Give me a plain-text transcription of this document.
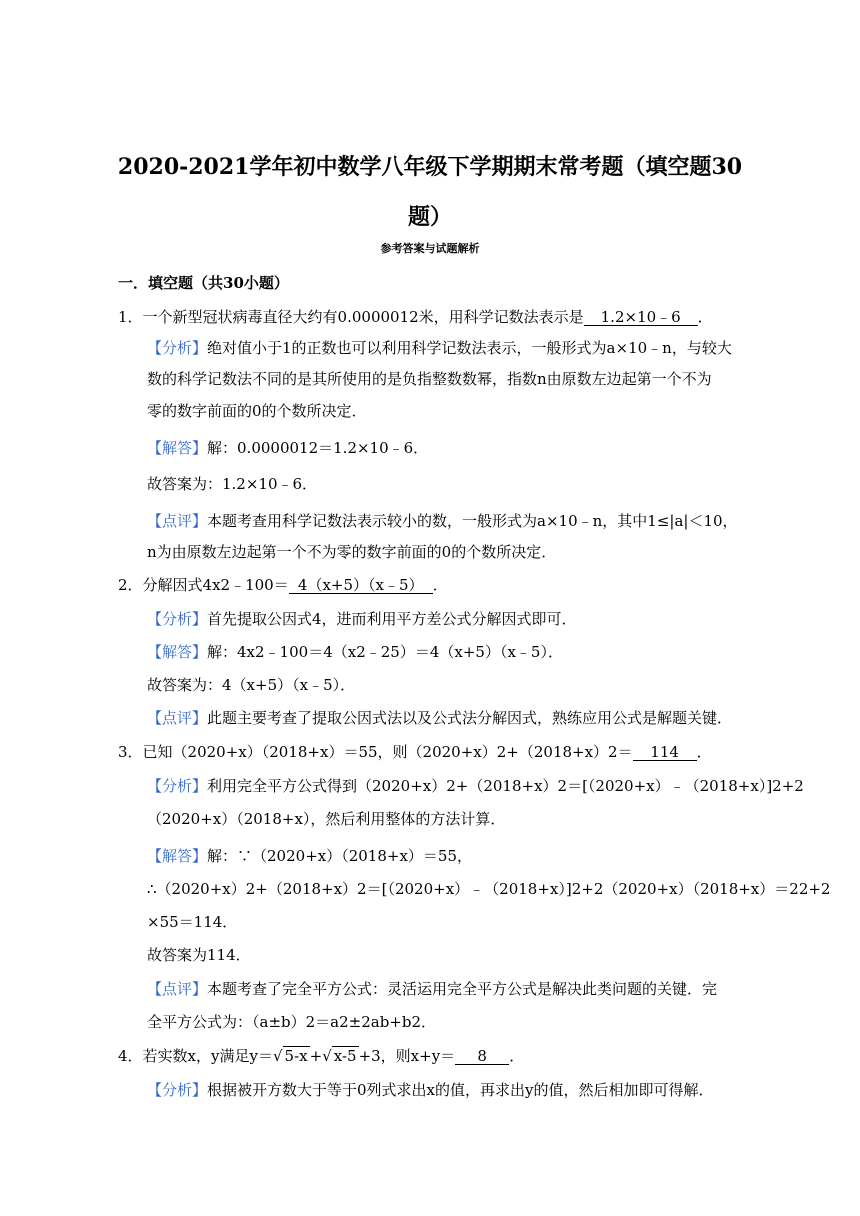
2020-2021学年初中数学八年级下学期期末常考题（填空题30题）
参考答案与试题解析
一．填空题（共30小题）
1．一个新型冠状病毒直径大约有0.0000012米，用科学记数法表示是 1.2×10﹣6 ．
【分析】绝对值小于1的正数也可以利用科学记数法表示，一般形式为a×10﹣n，与较大
数的科学记数法不同的是其所使用的是负指整数数幂，指数n由原数左边起第一个不为
零的数字前面的0的个数所决定．
【解答】解：0.0000012＝1.2×10﹣6．
故答案为：1.2×10﹣6．
【点评】本题考查用科学记数法表示较小的数，一般形式为a×10﹣n，其中1≤|a|＜10，
n为由原数左边起第一个不为零的数字前面的0的个数所决定．
2．分解因式4x2﹣100＝ 4（x+5）（x﹣5） ．
【分析】首先提取公因式4，进而利用平方差公式分解因式即可．
【解答】解：4x2﹣100＝4（x2﹣25）＝4（x+5）（x﹣5）．
故答案为：4（x+5）（x﹣5）．
【点评】此题主要考查了提取公因式法以及公式法分解因式，熟练应用公式是解题关键．
3．已知（2020+x）（2018+x）＝55，则（2020+x）2+（2018+x）2＝ 114 ．
【分析】利用完全平方公式得到（2020+x）2+（2018+x）2＝[（2020+x）﹣（2018+x）]2+2
（2020+x）（2018+x），然后利用整体的方法计算．
【解答】解：∵（2020+x）（2018+x）＝55，
∴（2020+x）2+（2018+x）2＝[（2020+x）﹣（2018+x）]2+2（2020+x）（2018+x）＝22+2
×55＝114．
故答案为114．
【点评】本题考查了完全平方公式：灵活运用完全平方公式是解决此类问题的关键．完
全平方公式为：（a±b）2＝a2±2ab+b2．
4．若实数x，y满足y＝√ 5-x +√ x-5 +3，则x+y＝ 8 ．
【分析】根据被开方数大于等于0列式求出x的值，再求出y的值，然后相加即可得解．
